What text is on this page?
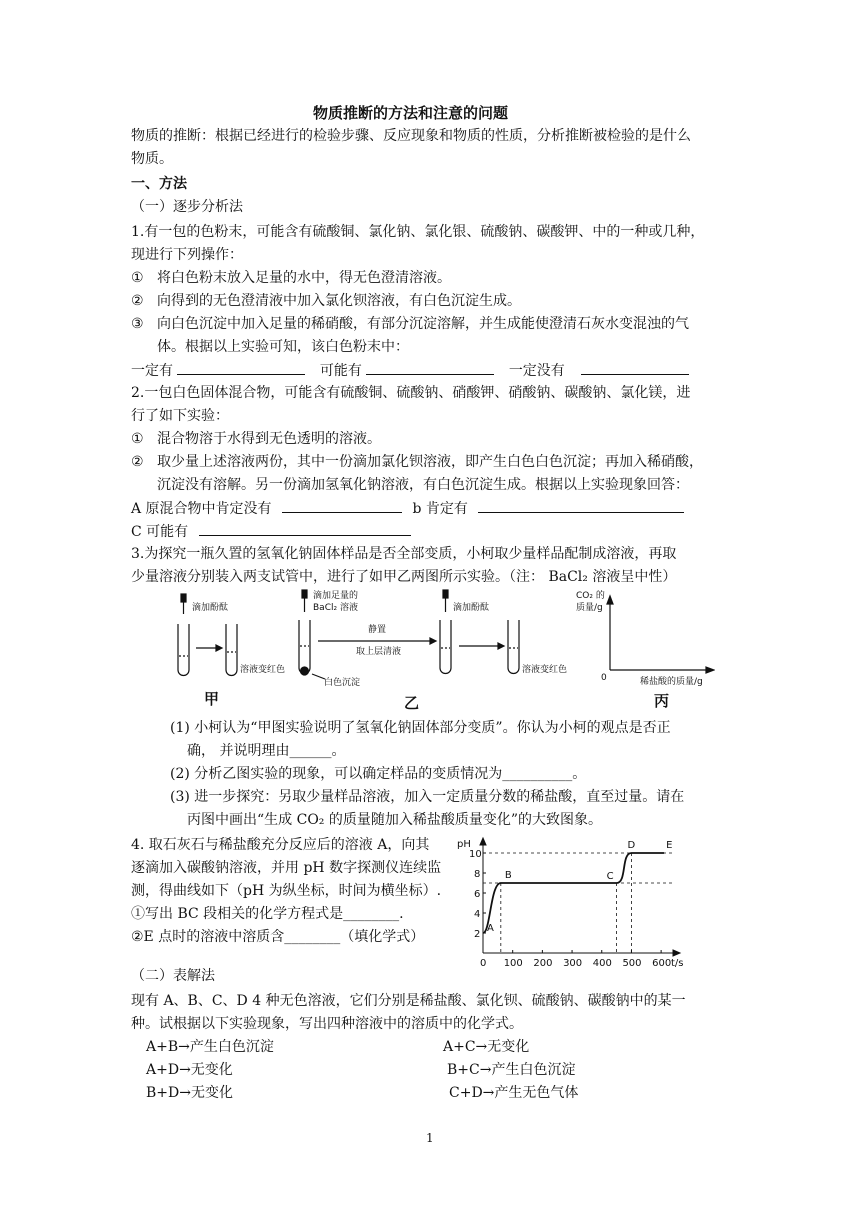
物质推断的方法和注意的问题
物质的推断：根据已经进行的检验步骤、反应现象和物质的性质，分析推断被检验的是什么
物质。
一、方法
（一）逐步分析法
1.有一包的色粉末，可能含有硫酸铜、氯化钠、氯化银、硫酸钠、碳酸钾、中的一种或几种，
现进行下列操作：
① 将白色粉末放入足量的水中，得无色澄清溶液。
② 向得到的无色澄清液中加入氯化钡溶液，有白色沉淀生成。
③ 向白色沉淀中加入足量的稀硝酸，有部分沉淀溶解，并生成能使澄清石灰水变混浊的气
体。根据以上实验可知，该白色粉末中：
一定有	可能有	一定没有
2.一包白色固体混合物，可能含有硫酸铜、硫酸钠、硝酸钾、硝酸钠、碳酸钠、氯化镁，进
行了如下实验：
① 混合物溶于水得到无色透明的溶液。
② 取少量上述溶液两份，其中一份滴加氯化钡溶液，即产生白色白色沉淀；再加入稀硝酸，
沉淀没有溶解。另一份滴加氢氧化钠溶液，有白色沉淀生成。根据以上实验现象回答：
A 原混合物中肯定没有	b 肯定有
C 可能有
3.为探究一瓶久置的氢氧化钠固体样品是否全部变质，小柯取少量样品配制成溶液，再取
少量溶液分别装入两支试管中，进行了如甲乙两图所示实验。（注： BaCl₂ 溶液呈中性）
滴加酚酞
溶液变红色
滴加足量的
BaCl₂ 溶液
静置
取上层清液
白色沉淀
滴加酚酞
溶液变红色
CO₂ 的
质量/g
0	稀盐酸的质量/g
甲	乙	丙
(1) 小柯认为“甲图实验说明了氢氧化钠固体部分变质”。你认为小柯的观点是否正
确， 并说明理由______。
(2) 分析乙图实验的现象，可以确定样品的变质情况为__________。
(3) 进一步探究：另取少量样品溶液，加入一定质量分数的稀盐酸，直至过量。请在
丙图中画出“生成 CO₂ 的质量随加入稀盐酸质量变化”的大致图象。
4. 取石灰石与稀盐酸充分反应后的溶液 A，向其
逐滴加入碳酸钠溶液，并用 pH 数字探测仪连续监
测，得曲线如下（pH 为纵坐标，时间为横坐标）.
①写出 BC 段相关的化学方程式是________.
②E 点时的溶液中溶质含________（填化学式）
pH
t/s
0 100 200 300 400 500 600
2
4
6
8
10
A
B	C
D	E
（二）表解法
现有 A、B、C、D 4 种无色溶液，它们分别是稀盐酸、氯化钡、硫酸钠、碳酸钠中的某一
种。试根据以下实验现象，写出四种溶液中的溶质中的化学式。
A+B→产生白色沉淀
A+D→无变化
B+D→无变化
A+C→无变化
B+C→产生白色沉淀
C+D→产生无色气体
1
